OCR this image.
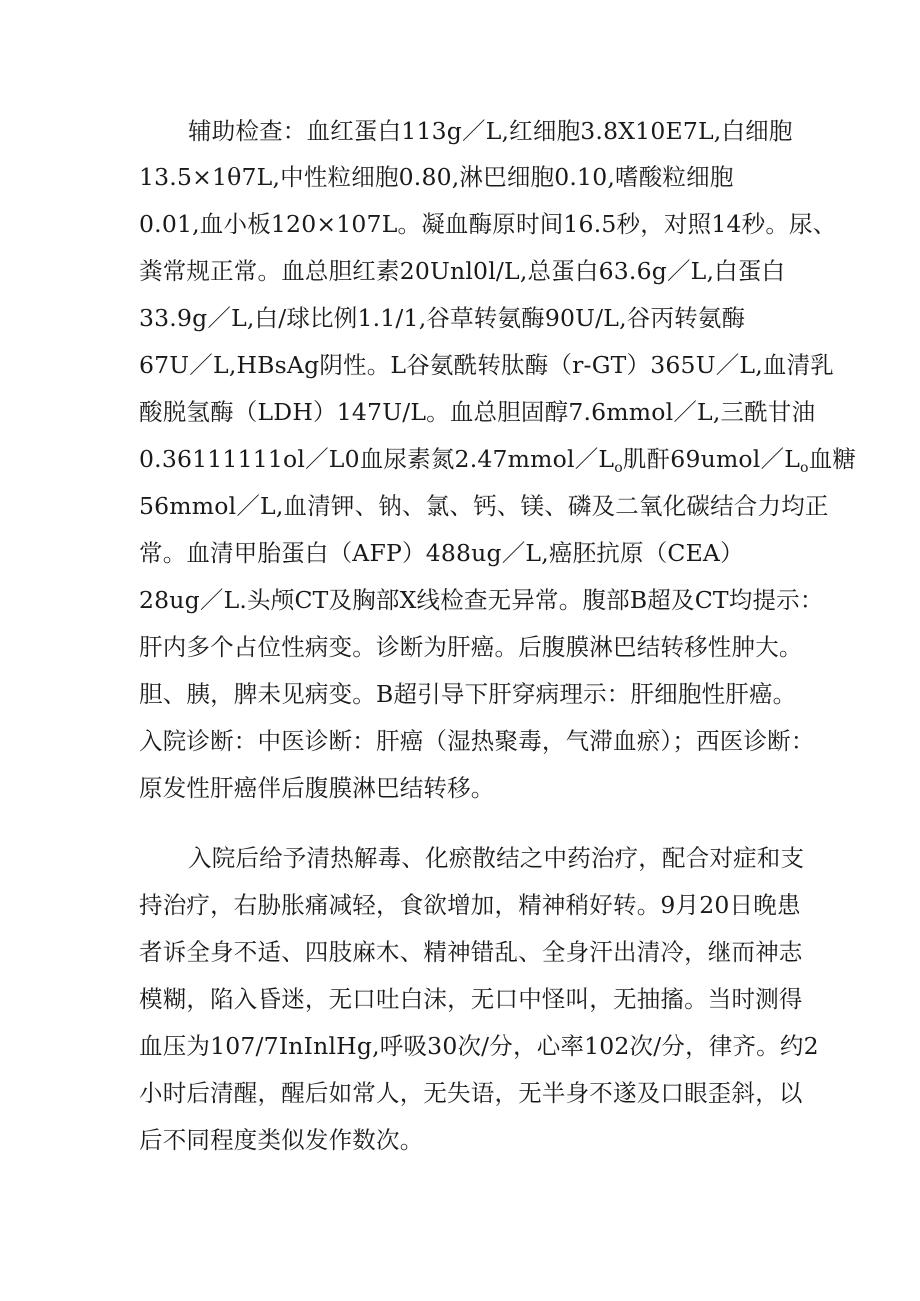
辅助检查：血红蛋白113g／L,红细胞3.8X10E7L,白细胞
13.5×1θ7L,中性粒细胞0.80,淋巴细胞0.10,嗜酸粒细胞
0.01,血小板120×107L。凝血酶原时间16.5秒，对照14秒。尿、
粪常规正常。血总胆红素20Unl0l/L,总蛋白63.6g／L,白蛋白
33.9g／L,白/球比例1.1/1,谷草转氨酶90U/L,谷丙转氨酶
67U／L,HBsAg阴性。L谷氨酰转肽酶（r-GT）365U／L,血清乳
酸脱氢酶（LDH）147U/L。血总胆固醇7.6mmol／L,三酰甘油
0.36111111ol／L0血尿素氮$2.47mmol/L_o$肌酐$69umol/L_o$血糖
56mmol／L,血清钾、钠、氯、钙、镁、磷及二氧化碳结合力均正
常。血清甲胎蛋白（AFP）488ug／L,癌胚抗原（CEA）
28ug／L.头颅CT及胸部X线检查无异常。腹部B超及CT均提示：
肝内多个占位性病变。诊断为肝癌。后腹膜淋巴结转移性肿大。
胆、胰，脾未见病变。B超引导下肝穿病理示：肝细胞性肝癌。
入院诊断：中医诊断：肝癌（湿热聚毒，气滞血瘀）；西医诊断：
原发性肝癌伴后腹膜淋巴结转移。
入院后给予清热解毒、化瘀散结之中药治疗，配合对症和支
持治疗，右胁胀痛减轻，食欲增加，精神稍好转。9月20日晚患
者诉全身不适、四肢麻木、精神错乱、全身汗出清冷，继而神志
模糊，陷入昏迷，无口吐白沫，无口中怪叫，无抽搐。当时测得
血压为107/7InInlHg,呼吸30次/分，心率102次/分，律齐。约2
小时后清醒，醒后如常人，无失语，无半身不遂及口眼歪斜，以
后不同程度类似发作数次。
